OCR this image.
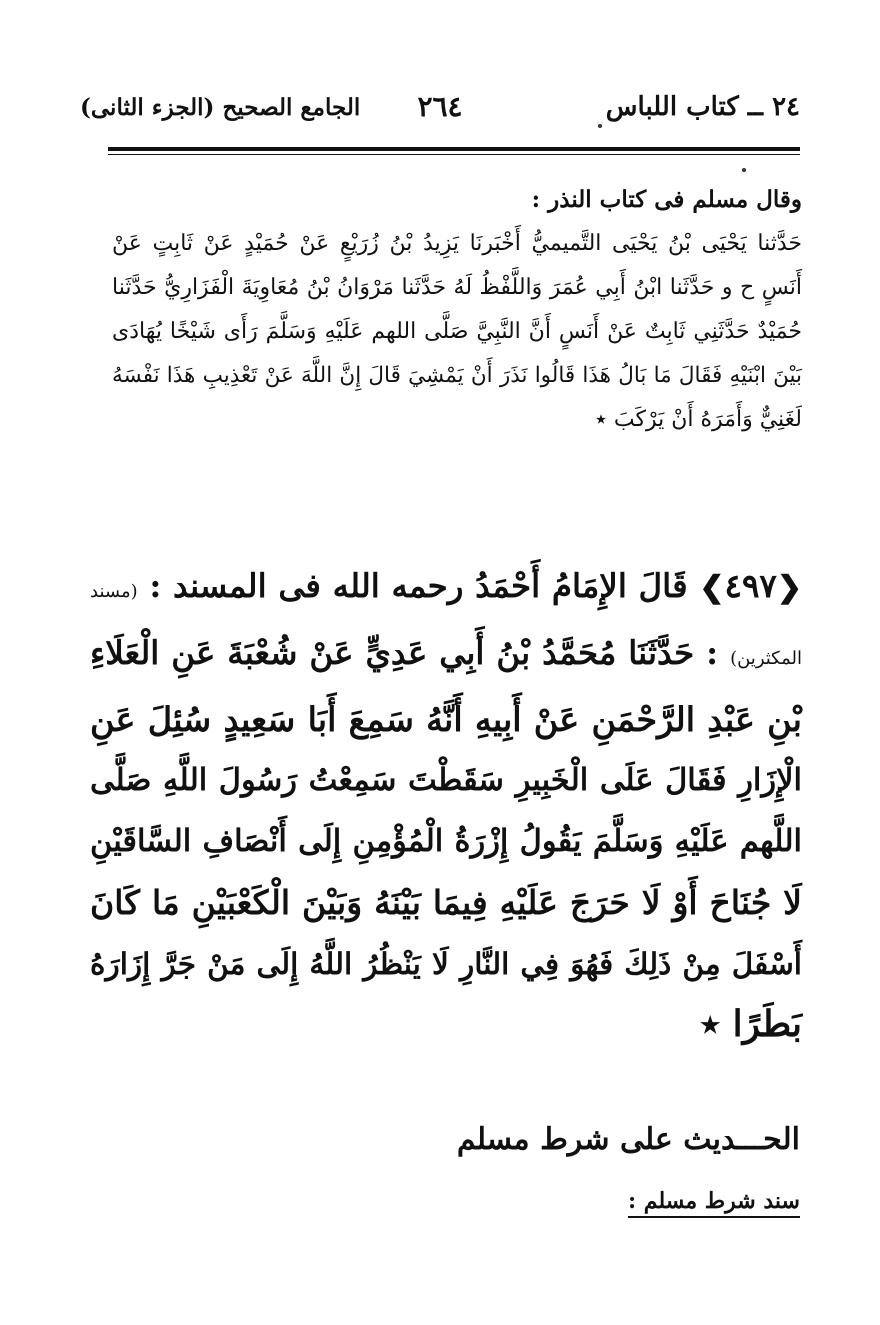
٢٤ ــ كتاب اللباس
٢٦٤
الجامع الصحيح (الجزء الثانى)
وقال مسلم فى كتاب النذر :
حَدَّثنا يَحْيَى بْنُ يَحْيَى التَّميميُّ أَخْبَرنَا يَزِيدُ بْنُ زُرَيْعٍ عَنْ حُمَيْدٍ عَنْ ثَابِتٍ عَنْ
أَنَسٍ ح و حَدَّثَنا ابْنُ أَبِي عُمَرَ وَاللَّفْظُ لَهُ حَدَّثَنا مَرْوَانُ بْنُ مُعَاوِيَةَ الْفَزَارِيُّ حَدَّثَنا
حُمَيْدٌ حَدَّثَنِي ثَابِتٌ عَنْ أَنَسٍ أَنَّ النَّبِيَّ صَلَّى اللهم عَلَيْهِ وَسَلَّمَ رَأَى شَيْخًا يُهَادَى
بَيْنَ ابْنَيْهِ فَقَالَ مَا بَالُ هَذَا قَالُوا نَذَرَ أَنْ يَمْشِيَ قَالَ إِنَّ اللَّهَ عَنْ تَعْذِيبِ هَذَا نَفْسَهُ
لَغَنِيٌّ وَأَمَرَهُ أَنْ يَرْكَبَ ٭
❮٤٩٧❯ قَالَ الإِمَامُ أَحْمَدُ رحمه الله فى المسند : (مسند
المكثرين) : حَدَّثَنَا مُحَمَّدُ بْنُ أَبِي عَدِيٍّ عَنْ شُعْبَةَ عَنِ الْعَلَاءِ
بْنِ عَبْدِ الرَّحْمَنِ عَنْ أَبِيهِ أَنَّهُ سَمِعَ أَبَا سَعِيدٍ سُئِلَ عَنِ
الْإِزَارِ فَقَالَ عَلَى الْخَبِيرِ سَقَطْتَ سَمِعْتُ رَسُولَ اللَّهِ صَلَّى
اللَّهم عَلَيْهِ وَسَلَّمَ يَقُولُ إِزْرَةُ الْمُؤْمِنِ إِلَى أَنْصَافِ السَّاقَيْنِ
لَا جُنَاحَ أَوْ لَا حَرَجَ عَلَيْهِ فِيمَا بَيْنَهُ وَبَيْنَ الْكَعْبَيْنِ مَا كَانَ
أَسْفَلَ مِنْ ذَلِكَ فَهُوَ فِي النَّارِ لَا يَنْظُرُ اللَّهُ إِلَى مَنْ جَرَّ إِزَارَهُ
بَطَرًا ٭
الحـــديث على شرط مسلم
سند شرط مسلم :
